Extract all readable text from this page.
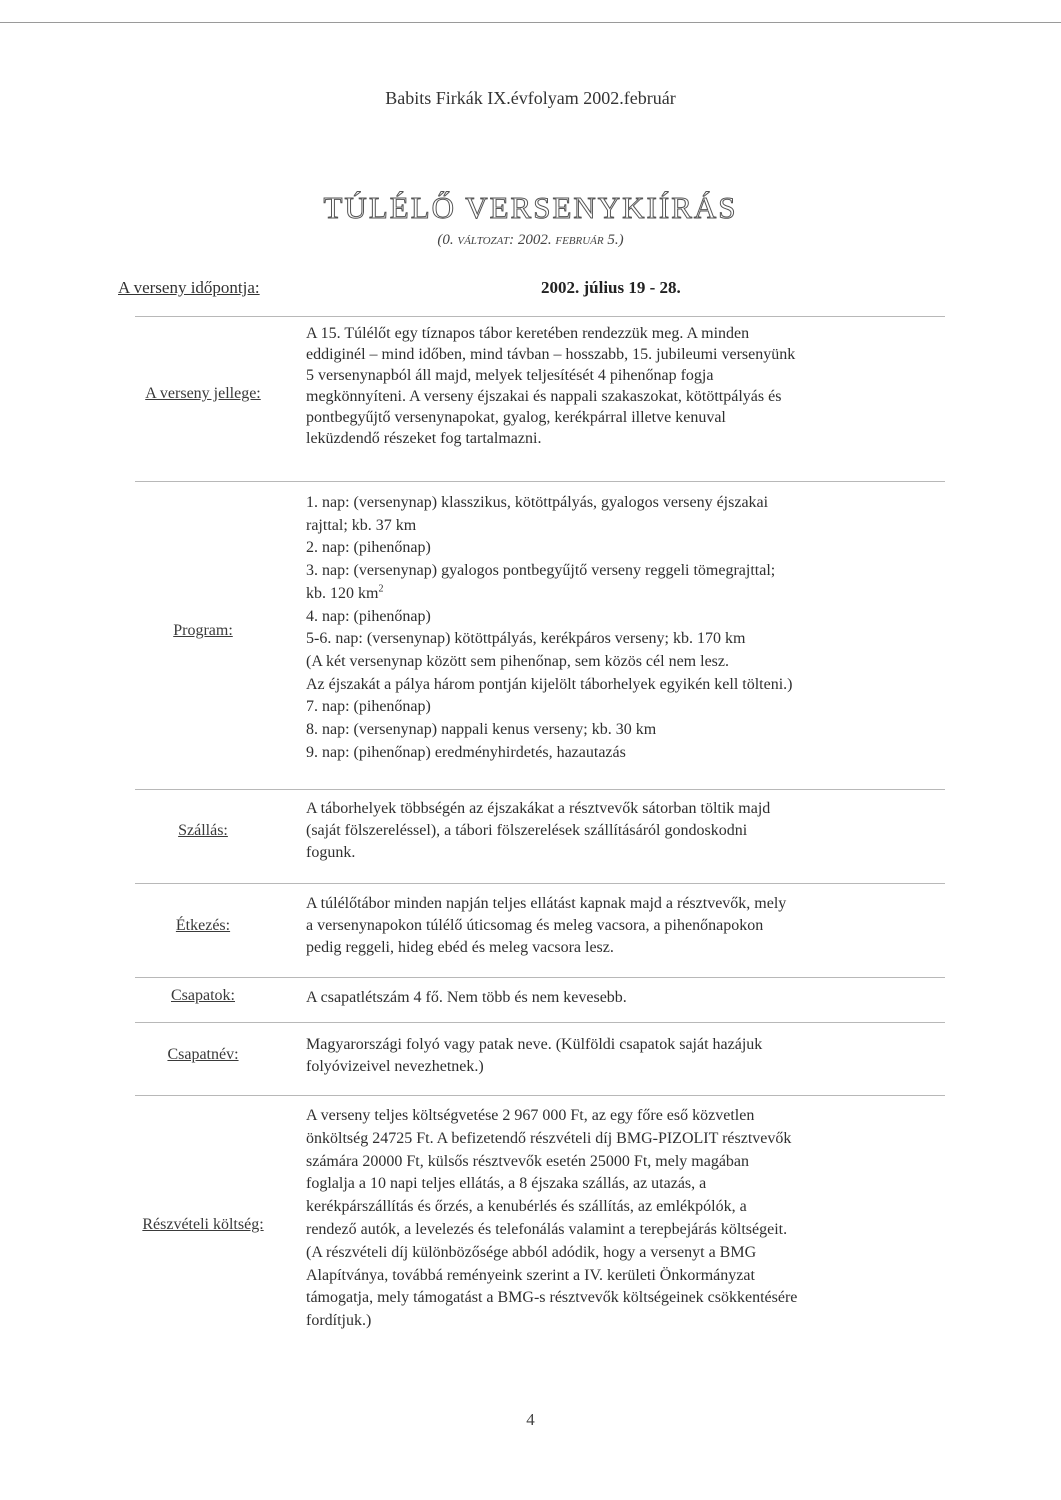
Babits Firkák IX.évfolyam 2002.február
TÚLÉLŐ VERSENYKIÍRÁS
(0. változat: 2002. február 5.)
A verseny időpontja:	2002. július 19 - 28.
A verseny jellege:

A 15. Túlélőt egy tíznapos tábor keretében rendezzük meg. A minden

eddiginél – mind időben, mind távban – hosszabb, 15. jubileumi versenyünk

5 versenynapból áll majd, melyek teljesítését 4 pihenőnap fogja

megkönnyíteni. A verseny éjszakai és nappali szakaszokat, kötöttpályás és

pontbegyűjtő versenynapokat, gyalog, kerékpárral illetve kenuval

leküzdendő részeket fog tartalmazni.

Program:

1. nap: (versenynap) klasszikus, kötöttpályás, gyalogos verseny éjszakai

rajttal; kb. 37 km

2. nap: (pihenőnap)

3. nap: (versenynap) gyalogos pontbegyűjtő verseny reggeli tömegrajttal;

kb. 120 $km^2$

4. nap: (pihenőnap)

5-6. nap: (versenynap) kötöttpályás, kerékpáros verseny; kb. 170 km

(A két versenynap között sem pihenőnap, sem közös cél nem lesz.

Az éjszakát a pálya három pontján kijelölt táborhelyek egyikén kell tölteni.)

7. nap: (pihenőnap)

8. nap: (versenynap) nappali kenus verseny; kb. 30 km

9. nap: (pihenőnap) eredményhirdetés, hazautazás

Szállás:

A táborhelyek többségén az éjszakákat a résztvevők sátorban töltik majd

(saját fölszereléssel), a tábori fölszerelések szállításáról gondoskodni

fogunk.

Étkezés:

A túlélőtábor minden napján teljes ellátást kapnak majd a résztvevők, mely

a versenynapokon túlélő úticsomag és meleg vacsora, a pihenőnapokon

pedig reggeli, hideg ebéd és meleg vacsora lesz.

Csapatok:	A csapatlétszám 4 fő. Nem több és nem kevesebb.

Csapatnév:

Magyarországi folyó vagy patak neve. (Külföldi csapatok saját hazájuk

folyóvizeivel nevezhetnek.)

Részvételi költség:

A verseny teljes költségvetése 2 967 000 Ft, az egy főre eső közvetlen

önköltség 24725 Ft. A befizetendő részvételi díj BMG-PIZOLIT résztvevők

számára 20000 Ft, külsős résztvevők esetén 25000 Ft, mely magában

foglalja a 10 napi teljes ellátás, a 8 éjszaka szállás, az utazás, a

kerékpárszállítás és őrzés, a kenubérlés és szállítás, az emlékpólók, a

rendező autók, a levelezés és telefonálás valamint a terepbejárás költségeit.

(A részvételi díj különbözősége abból adódik, hogy a versenyt a BMG

Alapítványa, továbbá reményeink szerint a IV. kerületi Önkormányzat

támogatja, mely támogatást a BMG-s résztvevők költségeinek csökkentésére

fordítjuk.)

4
